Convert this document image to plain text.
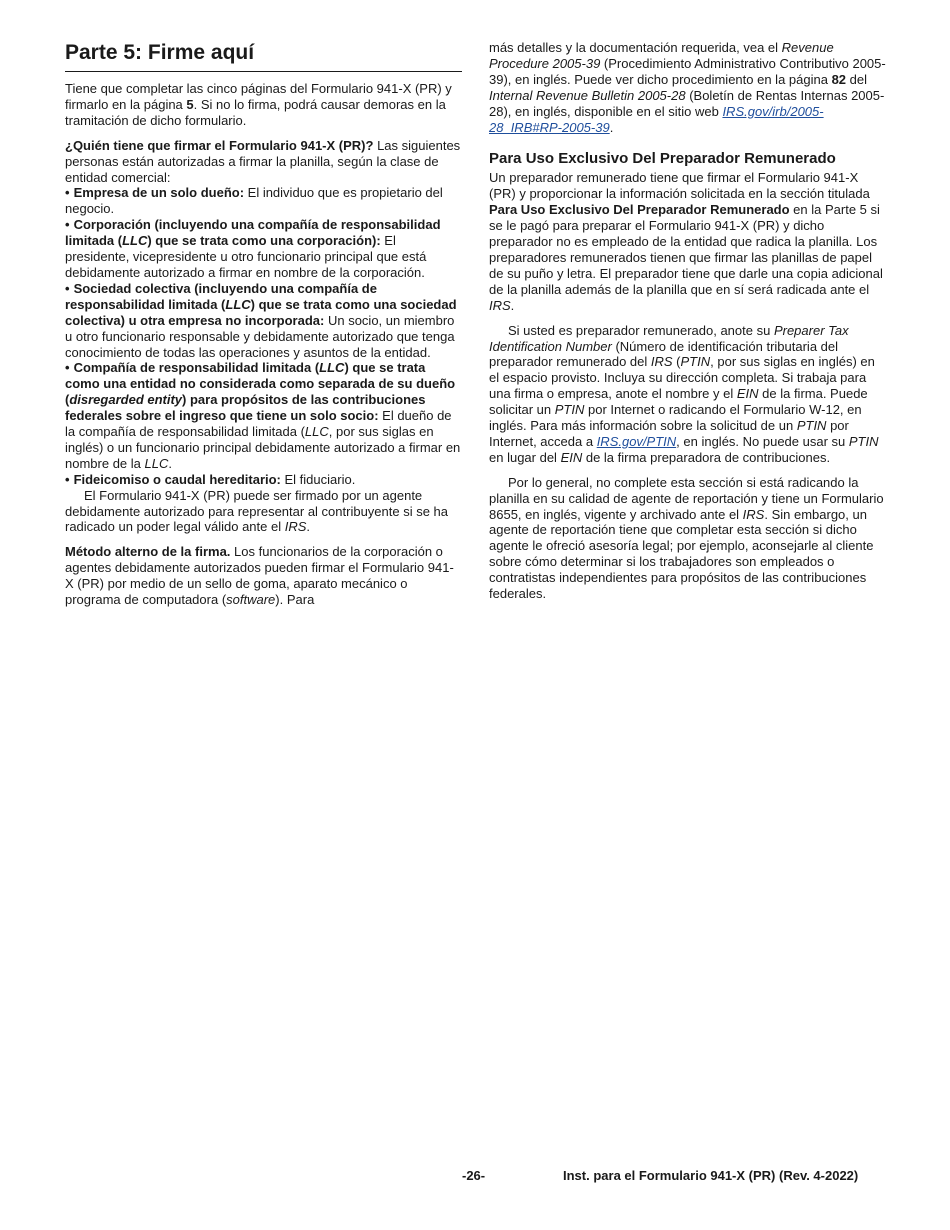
Parte 5: Firme aquí

Tiene que completar las cinco páginas del Formulario 941-X (PR) y firmarlo en la página 5. Si no lo firma, podrá causar demoras en la tramitación de dicho formulario.

¿Quién tiene que firmar el Formulario 941-X (PR)? Las siguientes personas están autorizadas a firmar la planilla, según la clase de entidad comercial:

• Empresa de un solo dueño: El individuo que es propietario del negocio.

• Corporación (incluyendo una compañía de responsabilidad limitada (LLC) que se trata como una corporación): El presidente, vicepresidente u otro funcionario principal que está debidamente autorizado a firmar en nombre de la corporación.

• Sociedad colectiva (incluyendo una compañía de responsabilidad limitada (LLC) que se trata como una sociedad colectiva) u otra empresa no incorporada: Un socio, un miembro u otro funcionario responsable y debidamente autorizado que tenga conocimiento de todas las operaciones y asuntos de la entidad.

• Compañía de responsabilidad limitada (LLC) que se trata como una entidad no considerada como separada de su dueño (disregarded entity) para propósitos de las contribuciones federales sobre el ingreso que tiene un solo socio: El dueño de la compañía de responsabilidad limitada (LLC, por sus siglas en inglés) o un funcionario principal debidamente autorizado a firmar en nombre de la LLC.

• Fideicomiso o caudal hereditario: El fiduciario.

El Formulario 941-X (PR) puede ser firmado por un agente debidamente autorizado para representar al contribuyente si se ha radicado un poder legal válido ante el IRS.

Método alterno de la firma. Los funcionarios de la corporación o agentes debidamente autorizados pueden firmar el Formulario 941-X (PR) por medio de un sello de goma, aparato mecánico o programa de computadora (software). Para

más detalles y la documentación requerida, vea el Revenue Procedure 2005-39 (Procedimiento Administrativo Contributivo 2005-39), en inglés. Puede ver dicho procedimiento en la página 82 del Internal Revenue Bulletin 2005-28 (Boletín de Rentas Internas 2005-28), en inglés, disponible en el sitio web IRS.gov/irb/2005-28_IRB#RP-2005-39.

Para Uso Exclusivo Del Preparador Remunerado

Un preparador remunerado tiene que firmar el Formulario 941-X (PR) y proporcionar la información solicitada en la sección titulada Para Uso Exclusivo Del Preparador Remunerado en la Parte 5 si se le pagó para preparar el Formulario 941-X (PR) y dicho preparador no es empleado de la entidad que radica la planilla. Los preparadores remunerados tienen que firmar las planillas de papel de su puño y letra. El preparador tiene que darle una copia adicional de la planilla además de la planilla que en sí será radicada ante el IRS.

Si usted es preparador remunerado, anote su Preparer Tax Identification Number (Número de identificación tributaria del preparador remunerado del IRS (PTIN, por sus siglas en inglés) en el espacio provisto. Incluya su dirección completa. Si trabaja para una firma o empresa, anote el nombre y el EIN de la firma. Puede solicitar un PTIN por Internet o radicando el Formulario W-12, en inglés. Para más información sobre la solicitud de un PTIN por Internet, acceda a IRS.gov/PTIN, en inglés. No puede usar su PTIN en lugar del EIN de la firma preparadora de contribuciones.

Por lo general, no complete esta sección si está radicando la planilla en su calidad de agente de reportación y tiene un Formulario 8655, en inglés, vigente y archivado ante el IRS. Sin embargo, un agente de reportación tiene que completar esta sección si dicho agente le ofreció asesoría legal; por ejemplo, aconsejarle al cliente sobre cómo determinar si los trabajadores son empleados o contratistas independientes para propósitos de las contribuciones federales.

-26-	Inst. para el Formulario 941-X (PR) (Rev. 4-2022)
